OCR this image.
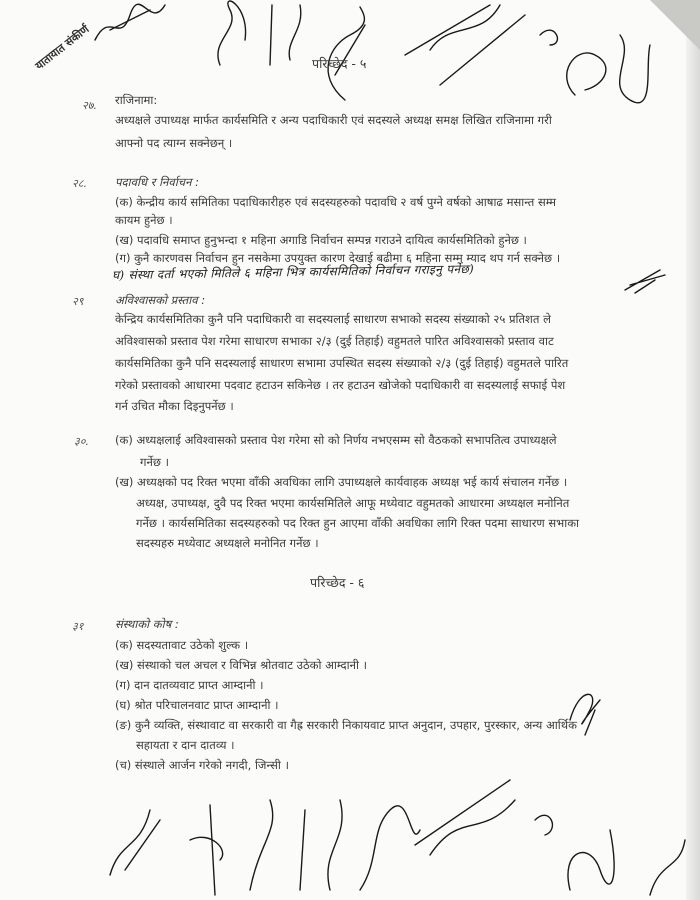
यातायात संकीर्ण	परिच्छेद - ५
२७. राजिनामा:
अध्यक्षले उपाध्यक्ष मार्फत कार्यसमिति र अन्य पदाधिकारी एवं सदस्यले अध्यक्ष समक्ष लिखित राजिनामा गरी
आफ्नो पद त्याग्न सक्नेछन् ।
२८. पदावधि र निर्वाचन :
(क) केन्द्रीय कार्य समितिका पदाधिकारीहरु एवं सदस्यहरुको पदावधि २ वर्ष पुग्ने वर्षको आषाढ मसान्त सम्म
कायम हुनेछ ।
(ख) पदावधि समाप्त हुनुभन्दा १ महिना अगाडि निर्वाचन सम्पन्न गराउने दायित्व कार्यसमितिको हुनेछ ।
(ग) कुनै कारणवस निर्वाचन हुन नसकेमा उपयुक्त कारण देखाई बढीमा ६ महिना सम्म म्याद थप गर्न सक्नेछ ।
घ) संस्था दर्ता भएको मितिले ६ महिना भित्र कार्यसमितिको निर्वाचन गराइनु पर्नेछ)
२९	अविश्वासको प्रस्ताव :
केन्द्रिय कार्यसमितिका कुनै पनि पदाधिकारी वा सदस्यलाई साधारण सभाको सदस्य संख्याको २५ प्रतिशत ले
अविश्वासको प्रस्ताव पेश गरेमा साधारण सभाका २/३ (दुई तिहाई) वहुमतले पारित अविश्वासको प्रस्ताव वाट
कार्यसमितिका कुनै पनि सदस्यलाई साधारण सभामा उपस्थित सदस्य संख्याको २/३ (दुई तिहाई) वहुमतले पारित
गरेको प्रस्तावको आधारमा पदवाट हटाउन सकिनेछ । तर हटाउन खोजेको पदाधिकारी वा सदस्यलाई सफाई पेश
गर्न उचित मौका दिइनुपर्नेछ ।
३०. (क) अध्यक्षलाई अविश्वासको प्रस्ताव पेश गरेमा सो को निर्णय नभएसम्म सो वैठकको सभापतित्व उपाध्यक्षले
गर्नेछ ।
(ख) अध्यक्षको पद रिक्त भएमा वाँकी अवधिका लागि उपाध्यक्षले कार्यवाहक अध्यक्ष भई कार्य संचालन गर्नेछ ।
अध्यक्ष, उपाध्यक्ष, दुवै पद रिक्त भएमा कार्यसमितिले आफू मध्येवाट वहुमतको आधारमा अध्यक्षल मनोनित
गर्नेछ । कार्यसमितिका सदस्यहरुको पद रिक्त हुन आएमा वाँकी अवधिका लागि रिक्त पदमा साधारण सभाका
सदस्यहरु मध्येवाट अध्यक्षले मनोनित गर्नेछ ।
परिच्छेद - ६
३१	संस्थाको कोष :
(क) सदस्यतावाट उठेको शुल्क ।
(ख) संस्थाको चल अचल र विभिन्न श्रोतवाट उठेको आम्दानी ।
(ग) दान दातव्यवाट प्राप्त आम्दानी ।
(घ) श्रोत परिचालनवाट प्राप्त आम्दानी ।
(ङ) कुनै व्यक्ति, संस्थावाट वा सरकारी वा गैह्र सरकारी निकायवाट प्राप्त अनुदान, उपहार, पुरस्कार, अन्य आर्थिक
सहायता र दान दातव्य ।
(च) संस्थाले आर्जन गरेको नगदी, जिन्सी ।
